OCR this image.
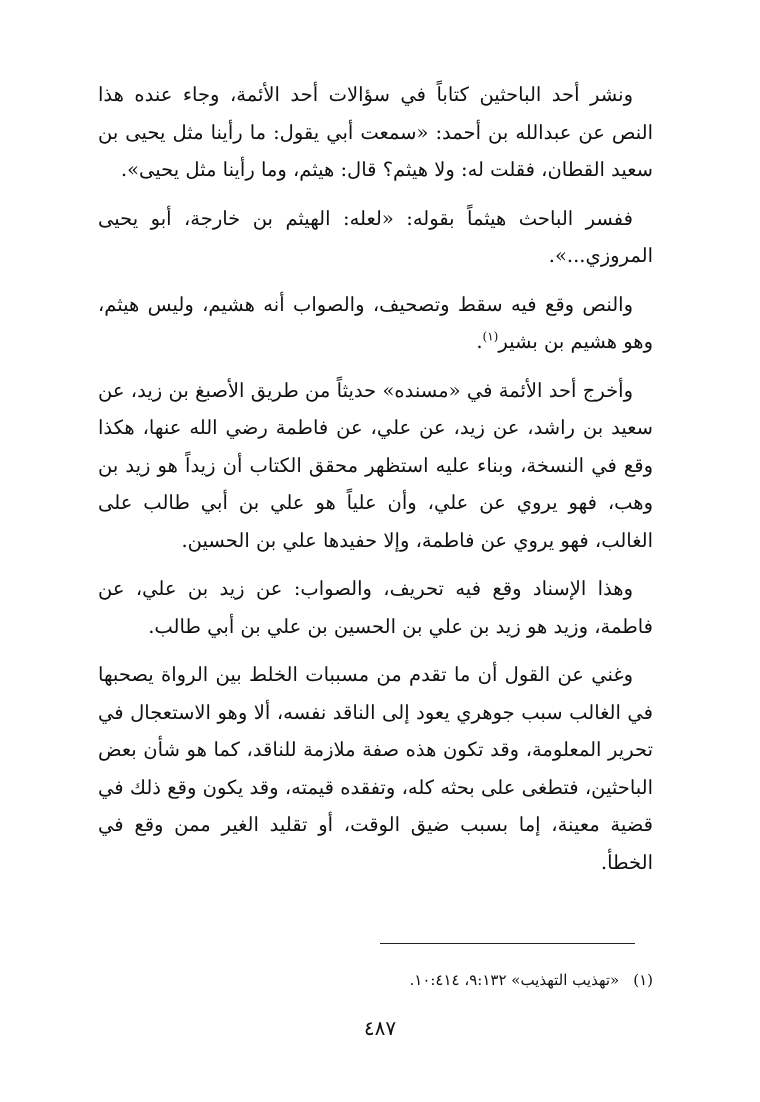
ونشر أحد الباحثين كتاباً في سؤالات أحد الأئمة، وجاء عنده هذا النص عن عبدالله بن أحمد: «سمعت أبي يقول: ما رأينا مثل يحيى بن سعيد القطان، فقلت له: ولا هيثم؟ قال: هيثم، وما رأينا مثل يحيى».

ففسر الباحث هيثماً بقوله: «لعله: الهيثم بن خارجة، أبو يحيى المروزي...».

والنص وقع فيه سقط وتصحيف، والصواب أنه هشيم، وليس هيثم، وهو هشيم بن بشير$^{(١)}$.

وأخرج أحد الأئمة في «مسنده» حديثاً من طريق الأصبغ بن زيد، عن سعيد بن راشد، عن زيد، عن علي، عن فاطمة رضي الله عنها، هكذا وقع في النسخة، وبناء عليه استظهر محقق الكتاب أن زيداً هو زيد بن وهب، فهو يروي عن علي، وأن علياً هو علي بن أبي طالب على الغالب، فهو يروي عن فاطمة، وإلا حفيدها علي بن الحسين.

وهذا الإسناد وقع فيه تحريف، والصواب: عن زيد بن علي، عن فاطمة، وزيد هو زيد بن علي بن الحسين بن علي بن أبي طالب.

وغني عن القول أن ما تقدم من مسببات الخلط بين الرواة يصحبها في الغالب سبب جوهري يعود إلى الناقد نفسه، ألا وهو الاستعجال في تحرير المعلومة، وقد تكون هذه صفة ملازمة للناقد، كما هو شأن بعض الباحثين، فتطغى على بحثه كله، وتفقده قيمته، وقد يكون وقع ذلك في قضية معينة، إما بسبب ضيق الوقت، أو تقليد الغير ممن وقع في الخطأ.

(١)«تهذيب التهذيب» ٩:١٣٢، ١٠:٤١٤.
٤٨٧
